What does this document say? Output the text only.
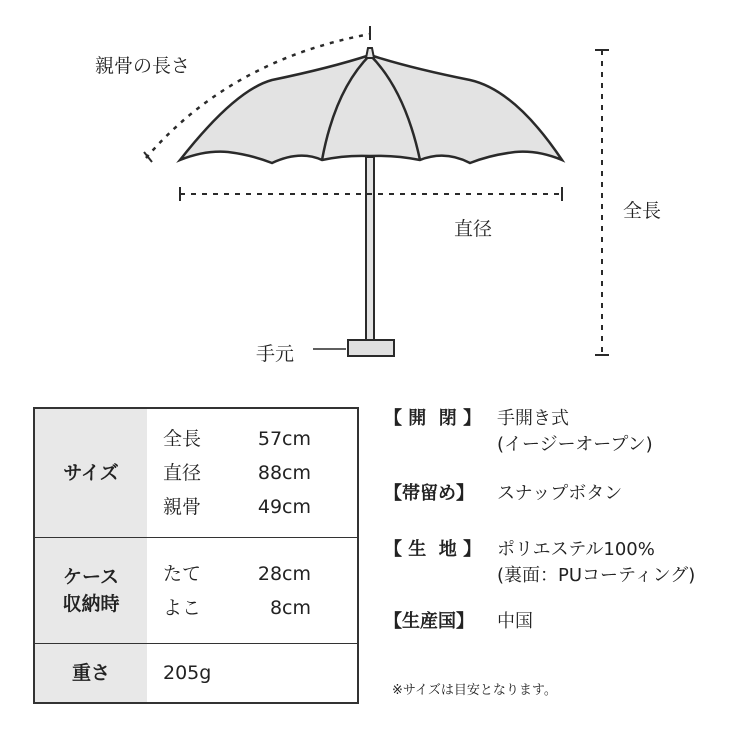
親骨の長さ
直径
全長
手元
サイズ
全長	57cm
直径	88cm
親骨	49cm
ケース
収納時
たて	28cm
よこ	8cm
重さ	205g
【 開  閉 】 手開き式
(イージーオープン)
【帯留め】 スナップボタン
【 生  地 】 ポリエステル100%
(裏面：PUコーティング)
【生産国】 中国
※サイズは目安となります。
